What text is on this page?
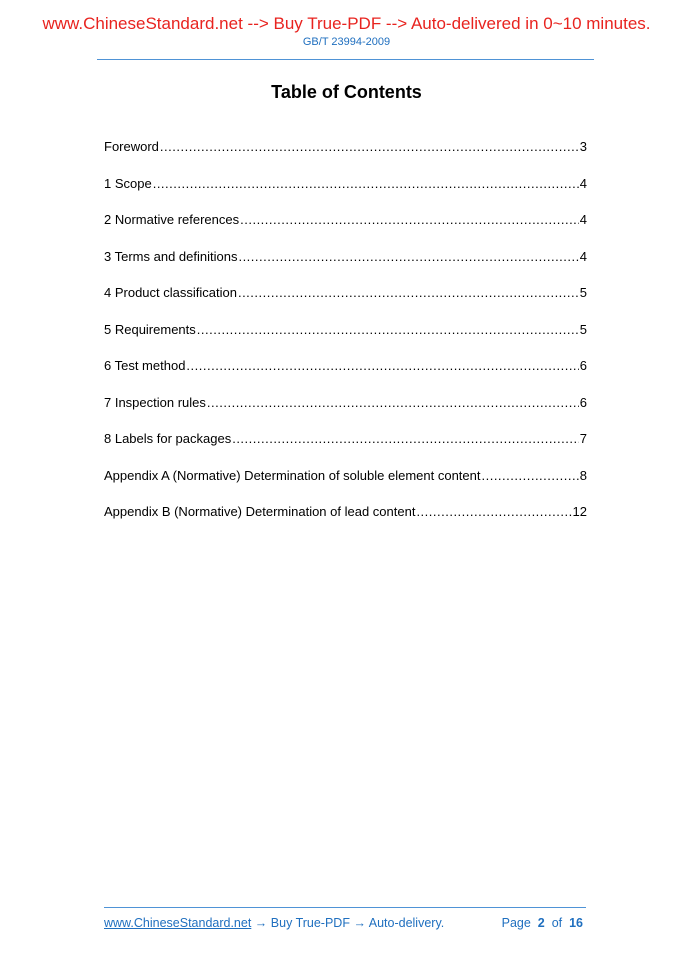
www.ChineseStandard.net --> Buy True-PDF --> Auto-delivered in 0~10 minutes.
GB/T 23994-2009
Table of Contents
Foreword .....	3
1 Scope .....	4
2 Normative references .....	4
3 Terms and definitions .....	4
4 Product classification .....	5
5 Requirements .....	5
6 Test method .....	6
7 Inspection rules .....	6
8 Labels for packages .....	7
Appendix A (Normative) Determination of soluble element content .....	8
Appendix B (Normative) Determination of lead content .....	12
www.ChineseStandard.net → Buy True-PDF → Auto-delivery.	Page 2 of 16
